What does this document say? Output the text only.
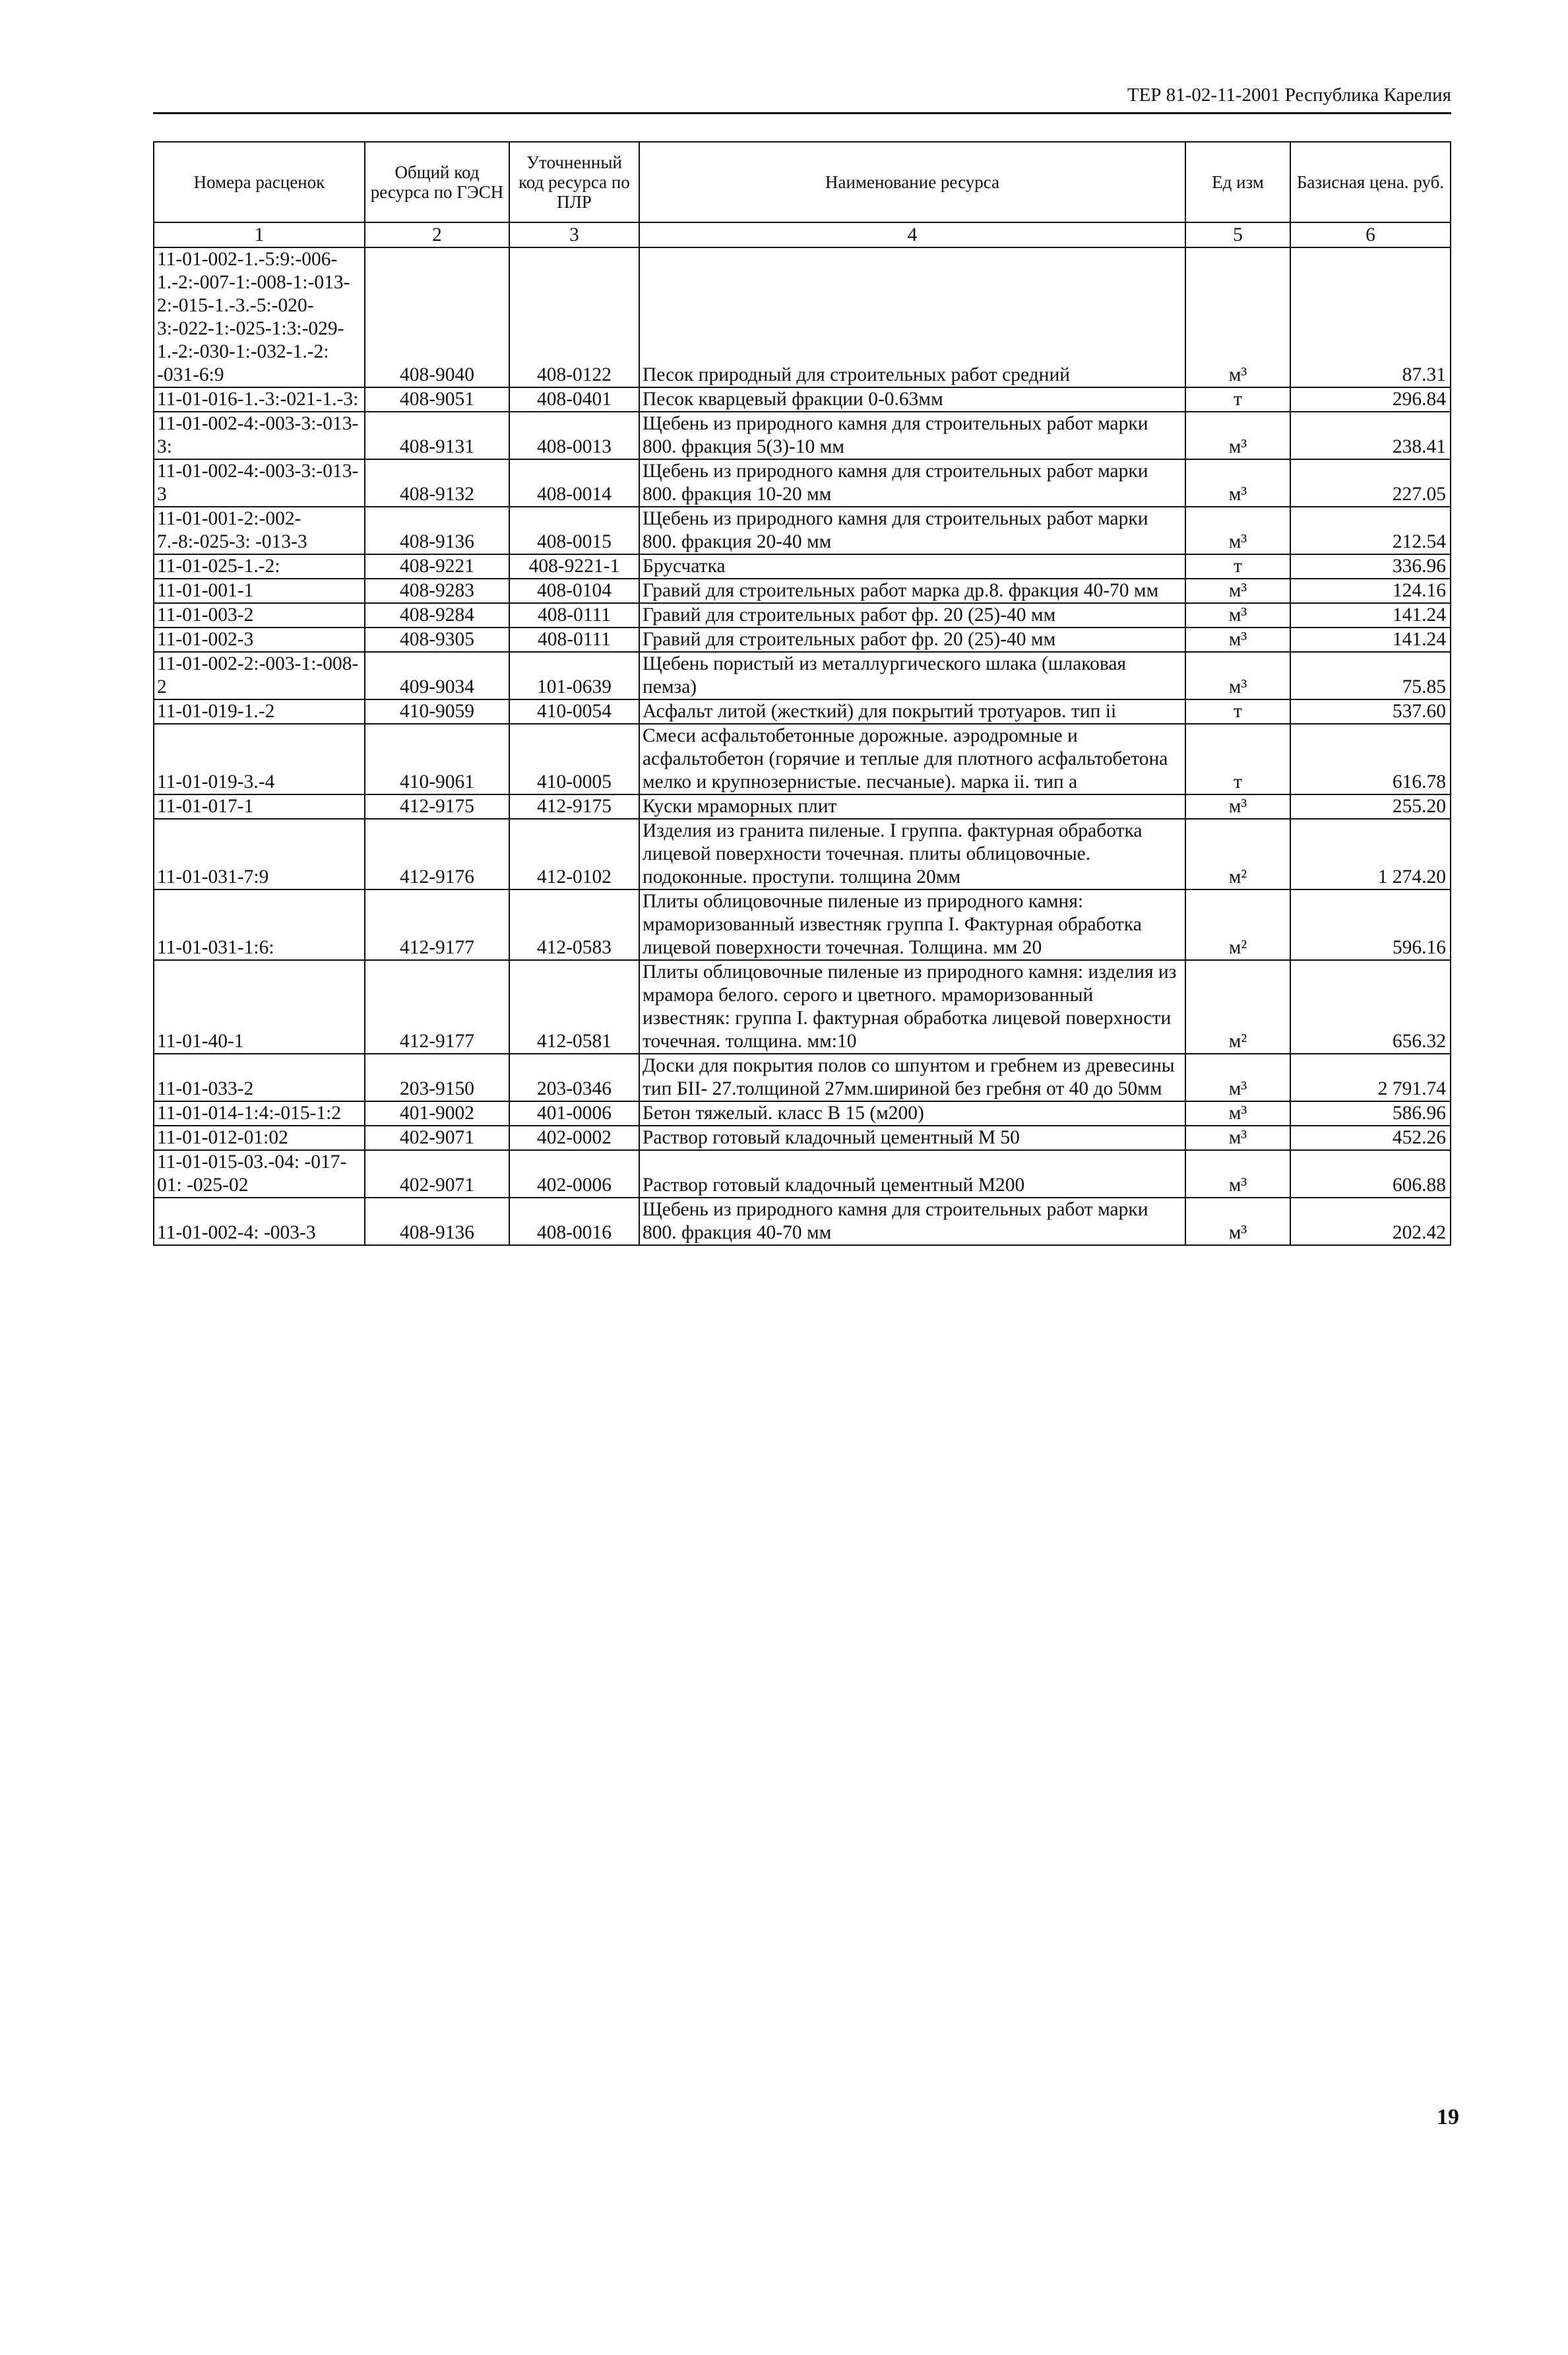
ТЕР 81-02-11-2001 Республика Карелия
Номера расценок	Общий код ресурса по ГЭСН	Уточненный код ресурса по ПЛР	Наименование ресурса	Ед изм	Базисная цена. руб.
1	2	3	4	5	6
11-01-002-1.-5:9:-006-1.-2:-007-1:-008-1:-013-2:-015-1.-3.-5:-020-3:-022-1:-025-1:3:-029-1.-2:-030-1:-032-1.-2: -031-6:9	408-9040	408-0122	Песок природный для строительных работ средний	м³	87.31
11-01-016-1.-3:-021-1.-3:	408-9051	408-0401	Песок кварцевый фракции 0-0.63мм	т	296.84
11-01-002-4:-003-3:-013-3:	408-9131	408-0013	Щебень из природного камня для строительных работ марки 800. фракция 5(3)-10 мм	м³	238.41
11-01-002-4:-003-3:-013-3	408-9132	408-0014	Щебень из природного камня для строительных работ марки 800. фракция 10-20 мм	м³	227.05
11-01-001-2:-002-7.-8:-025-3: -013-3	408-9136	408-0015	Щебень из природного камня для строительных работ марки 800. фракция 20-40 мм	м³	212.54
11-01-025-1.-2:	408-9221	408-9221-1	Брусчатка	т	336.96
11-01-001-1	408-9283	408-0104	Гравий для строительных работ марка др.8. фракция 40-70 мм	м³	124.16
11-01-003-2	408-9284	408-0111	Гравий для строительных работ фр. 20 (25)-40 мм	м³	141.24
11-01-002-3	408-9305	408-0111	Гравий для строительных работ фр. 20 (25)-40 мм	м³	141.24
11-01-002-2:-003-1:-008-2	409-9034	101-0639	Щебень пористый из металлургического шлака (шлаковая пемза)	м³	75.85
11-01-019-1.-2	410-9059	410-0054	Асфальт литой (жесткий) для покрытий тротуаров. тип ii	т	537.60
11-01-019-3.-4	410-9061	410-0005	Смеси асфальтобетонные дорожные. аэродромные и асфальтобетон (горячие и теплые для плотного асфальтобетона мелко и крупнозернистые. песчаные). марка ii. тип а	т	616.78
11-01-017-1	412-9175	412-9175	Куски мраморных плит	м³	255.20
11-01-031-7:9	412-9176	412-0102	Изделия из гранита пиленые. I группа. фактурная обработка лицевой поверхности точечная. плиты облицовочные. подоконные. проступи. толщина 20мм	м²	1 274.20
11-01-031-1:6:	412-9177	412-0583	Плиты облицовочные пиленые из природного камня: мраморизованный известняк группа I. Фактурная обработка лицевой поверхности точечная. Толщина. мм 20	м²	596.16
11-01-40-1	412-9177	412-0581	Плиты облицовочные пиленые из природного камня: изделия из мрамора белого. серого и цветного. мраморизованный известняк: группа I. фактурная обработка лицевой поверхности точечная. толщина. мм:10	м²	656.32
11-01-033-2	203-9150	203-0346	Доски для покрытия полов со шпунтом и гребнем из древесины тип БII- 27.толщиной 27мм.шириной без гребня от 40 до 50мм	м³	2 791.74
11-01-014-1:4:-015-1:2	401-9002	401-0006	Бетон тяжелый. класс В 15 (м200)	м³	586.96
11-01-012-01:02	402-9071	402-0002	Раствор готовый кладочный цементный М 50	м³	452.26
11-01-015-03.-04: -017-01: -025-02	402-9071	402-0006	Раствор готовый кладочный цементный М200	м³	606.88
11-01-002-4: -003-3	408-9136	408-0016	Щебень из природного камня для строительных работ марки 800. фракция 40-70 мм	м³	202.42
19
